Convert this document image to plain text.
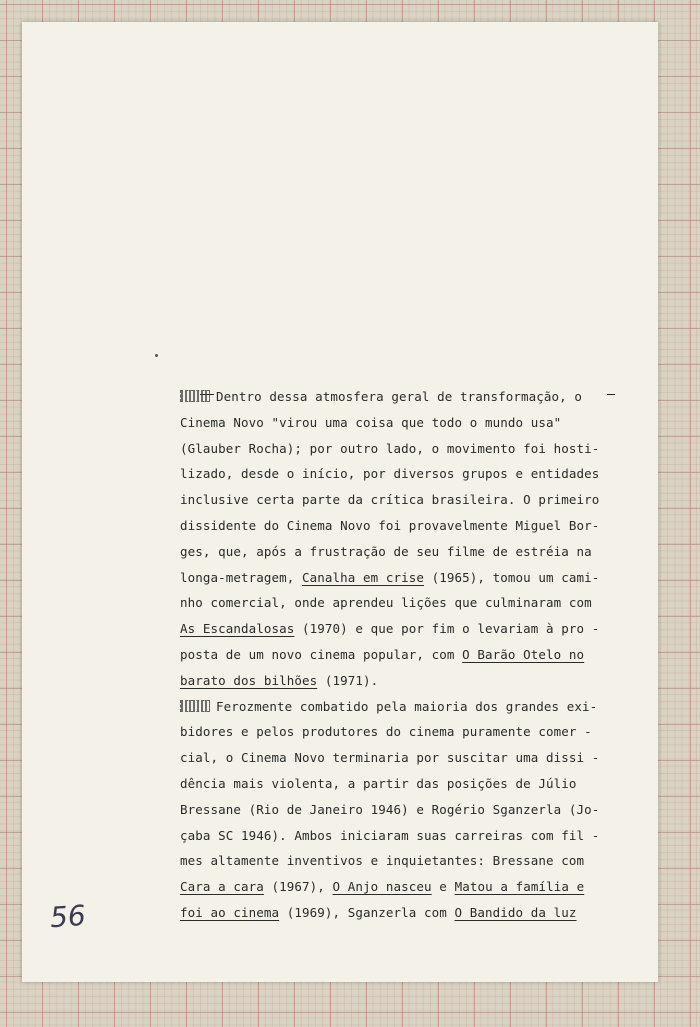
Dentro dessa atmosfera geral de transformação, o
Cinema Novo "virou uma coisa que todo o mundo usa"
(Glauber Rocha); por outro lado, o movimento foi hosti-
lizado, desde o início, por diversos grupos e entidades
inclusive certa parte da crítica brasileira. O primeiro
dissidente do Cinema Novo foi provavelmente Miguel Bor-
ges, que, após a frustração de seu filme de estréia na
longa-metragem, Canalha em crise (1965), tomou um cami-
nho comercial, onde aprendeu lições que culminaram com
As Escandalosas (1970) e que por fim o levariam à pro -
posta de um novo cinema popular, com O Barão Otelo no
barato dos bilhões (1971).
Ferozmente combatido pela maioria dos grandes exi-
bidores e pelos produtores do cinema puramente comer -
cial, o Cinema Novo terminaria por suscitar uma dissi -
dência mais violenta, a partir das posições de Júlio
Bressane (Rio de Janeiro 1946) e Rogério Sganzerla (Jo-
çaba SC 1946). Ambos iniciaram suas carreiras com fil -
mes altamente inventivos e inquietantes: Bressane com
Cara a cara (1967), O Anjo nasceu e Matou a família e
foi ao cinema (1969), Sganzerla com O Bandido da luz
56
